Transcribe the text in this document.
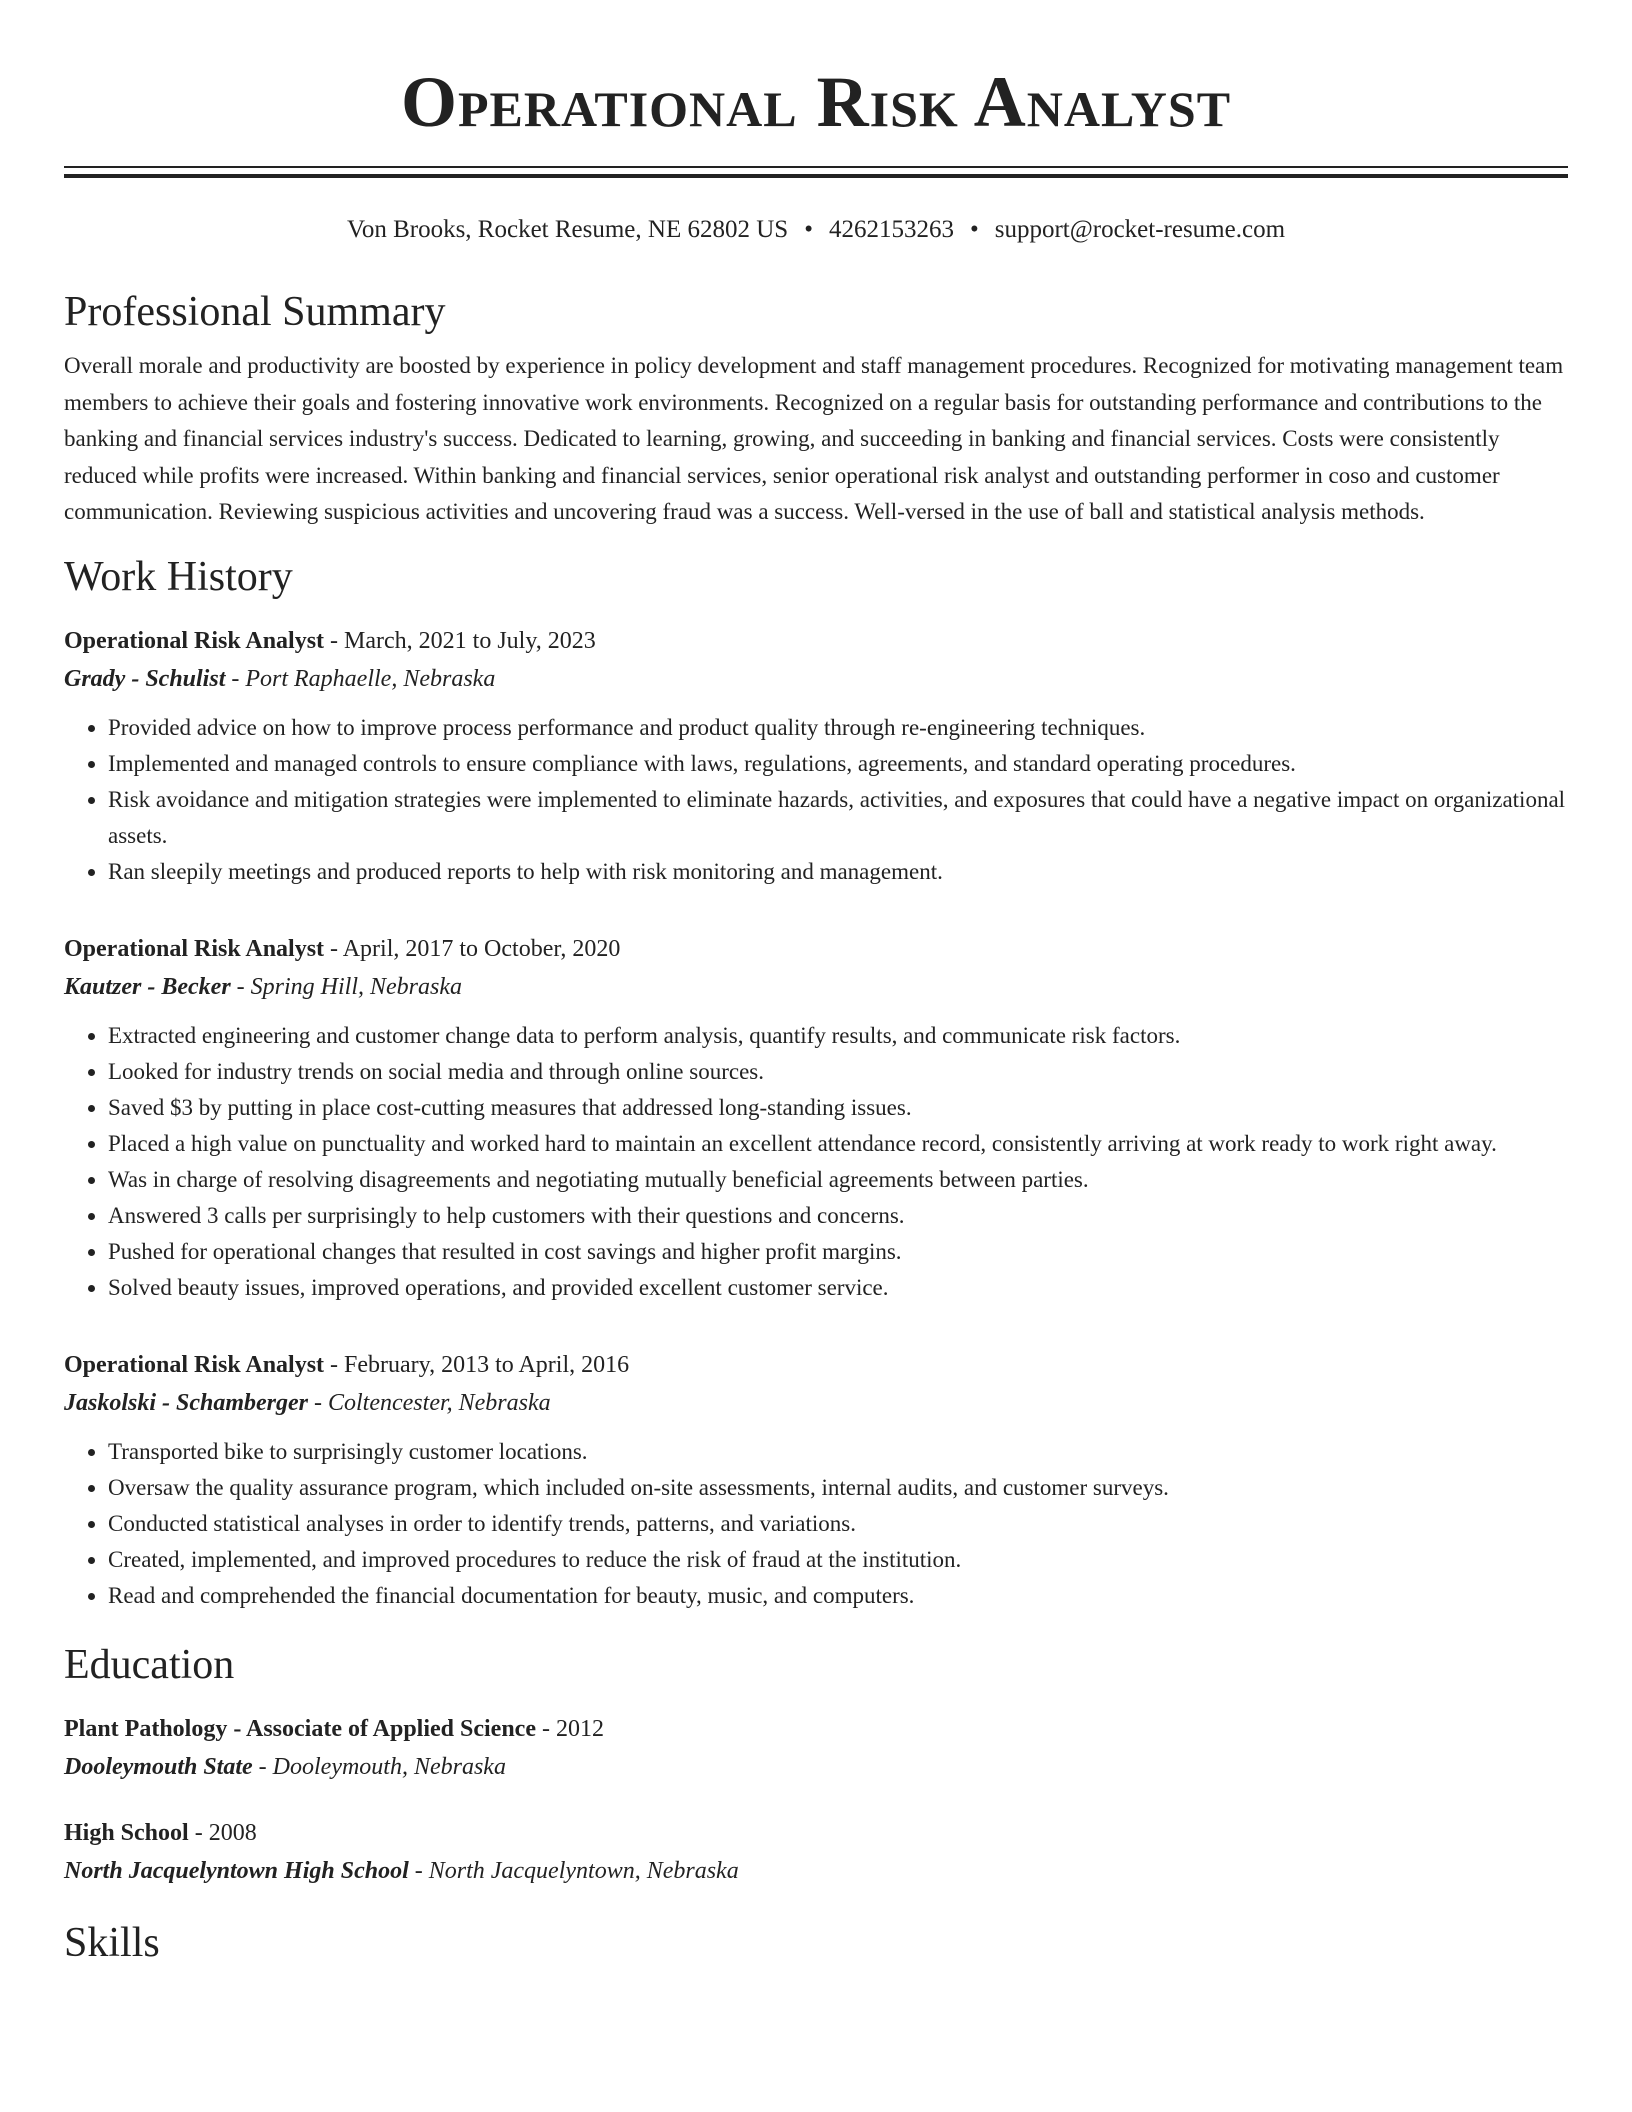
Operational Risk Analyst
Von Brooks, Rocket Resume, NE 62802 US • 4262153263 • support@rocket-resume.com
Professional Summary

Overall morale and productivity are boosted by experience in policy development and staff management procedures. Recognized for motivating management team members to achieve their goals and fostering innovative work environments. Recognized on a regular basis for outstanding performance and contributions to the banking and financial services industry's success. Dedicated to learning, growing, and succeeding in banking and financial services. Costs were consistently reduced while profits were increased. Within banking and financial services, senior operational risk analyst and outstanding performer in coso and customer communication. Reviewing suspicious activities and uncovering fraud was a success. Well-versed in the use of ball and statistical analysis methods.

Work History
Operational Risk Analyst - March, 2021 to July, 2023
Grady - Schulist - Port Raphaelle, Nebraska
• Provided advice on how to improve process performance and product quality through re-engineering techniques.
• Implemented and managed controls to ensure compliance with laws, regulations, agreements, and standard operating procedures.
• Risk avoidance and mitigation strategies were implemented to eliminate hazards, activities, and exposures that could have a negative impact on organizational assets.
• Ran sleepily meetings and produced reports to help with risk monitoring and management.
Operational Risk Analyst - April, 2017 to October, 2020
Kautzer - Becker - Spring Hill, Nebraska
• Extracted engineering and customer change data to perform analysis, quantify results, and communicate risk factors.
• Looked for industry trends on social media and through online sources.
• Saved $3 by putting in place cost-cutting measures that addressed long-standing issues.
• Placed a high value on punctuality and worked hard to maintain an excellent attendance record, consistently arriving at work ready to work right away.
• Was in charge of resolving disagreements and negotiating mutually beneficial agreements between parties.
• Answered 3 calls per surprisingly to help customers with their questions and concerns.
• Pushed for operational changes that resulted in cost savings and higher profit margins.
• Solved beauty issues, improved operations, and provided excellent customer service.
Operational Risk Analyst - February, 2013 to April, 2016
Jaskolski - Schamberger - Coltencester, Nebraska
• Transported bike to surprisingly customer locations.
• Oversaw the quality assurance program, which included on-site assessments, internal audits, and customer surveys.
• Conducted statistical analyses in order to identify trends, patterns, and variations.
• Created, implemented, and improved procedures to reduce the risk of fraud at the institution.
• Read and comprehended the financial documentation for beauty, music, and computers.
Education
Plant Pathology - Associate of Applied Science - 2012
Dooleymouth State - Dooleymouth, Nebraska
High School - 2008
North Jacquelyntown High School - North Jacquelyntown, Nebraska
Skills
